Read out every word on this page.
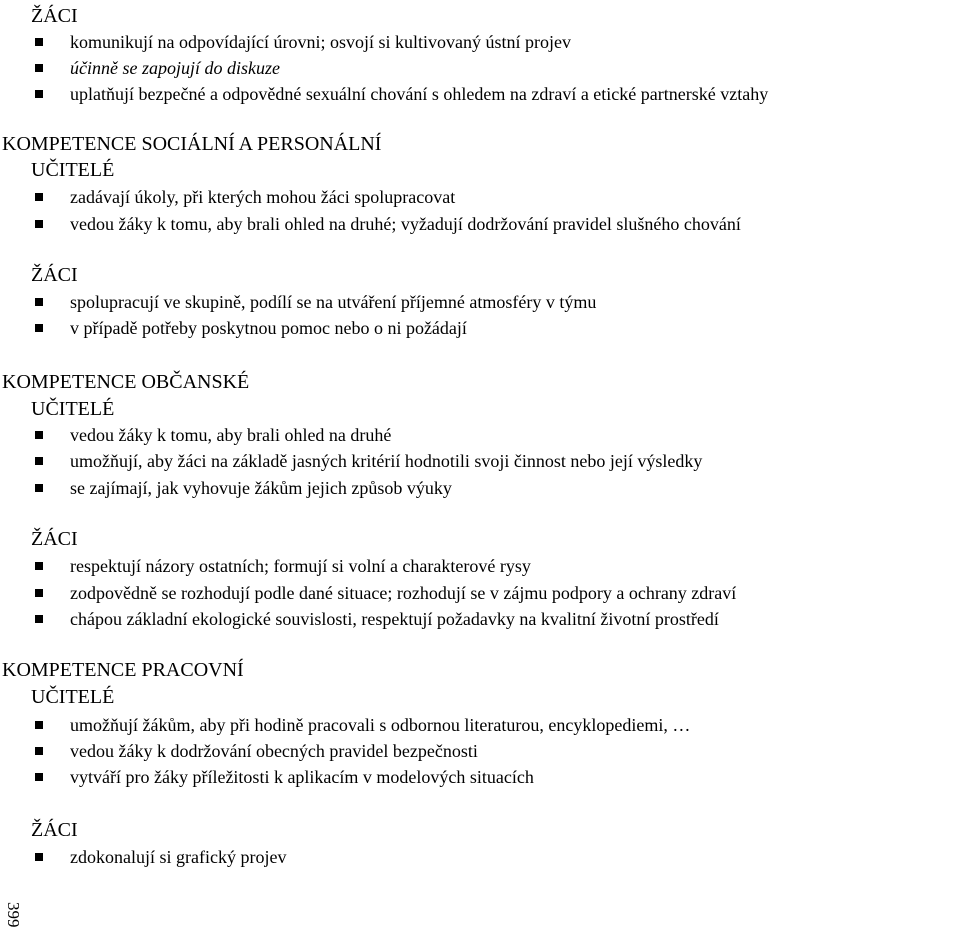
ŽÁCI
komunikují na odpovídající úrovni; osvojí si kultivovaný ústní projev
účinně se zapojují do diskuze
uplatňují bezpečné a odpovědné sexuální chování s ohledem na zdraví a etické partnerské vztahy
KOMPETENCE SOCIÁLNÍ A PERSONÁLNÍ
UČITELÉ
zadávají úkoly, při kterých mohou žáci spolupracovat
vedou žáky k tomu, aby brali ohled na druhé; vyžadují dodržování pravidel slušného chování
ŽÁCI
spolupracují ve skupině, podílí se na utváření příjemné atmosféry v týmu
v případě potřeby poskytnou pomoc nebo o ni požádají
KOMPETENCE OBČANSKÉ
UČITELÉ
vedou žáky k tomu, aby brali ohled na druhé
umožňují, aby žáci na základě jasných kritérií hodnotili svoji činnost nebo její výsledky
se zajímají, jak vyhovuje žákům jejich způsob výuky
ŽÁCI
respektují názory ostatních; formují si volní a charakterové rysy
zodpovědně se rozhodují podle dané situace; rozhodují se v zájmu podpory a ochrany zdraví
chápou základní ekologické souvislosti, respektují požadavky na kvalitní životní prostředí
KOMPETENCE PRACOVNÍ
UČITELÉ
umožňují žákům, aby při hodině pracovali s odbornou literaturou, encyklopediemi, …
vedou žáky k dodržování obecných pravidel bezpečnosti
vytváří pro žáky příležitosti k aplikacím v modelových situacích
ŽÁCI
zdokonalují si grafický projev
399
